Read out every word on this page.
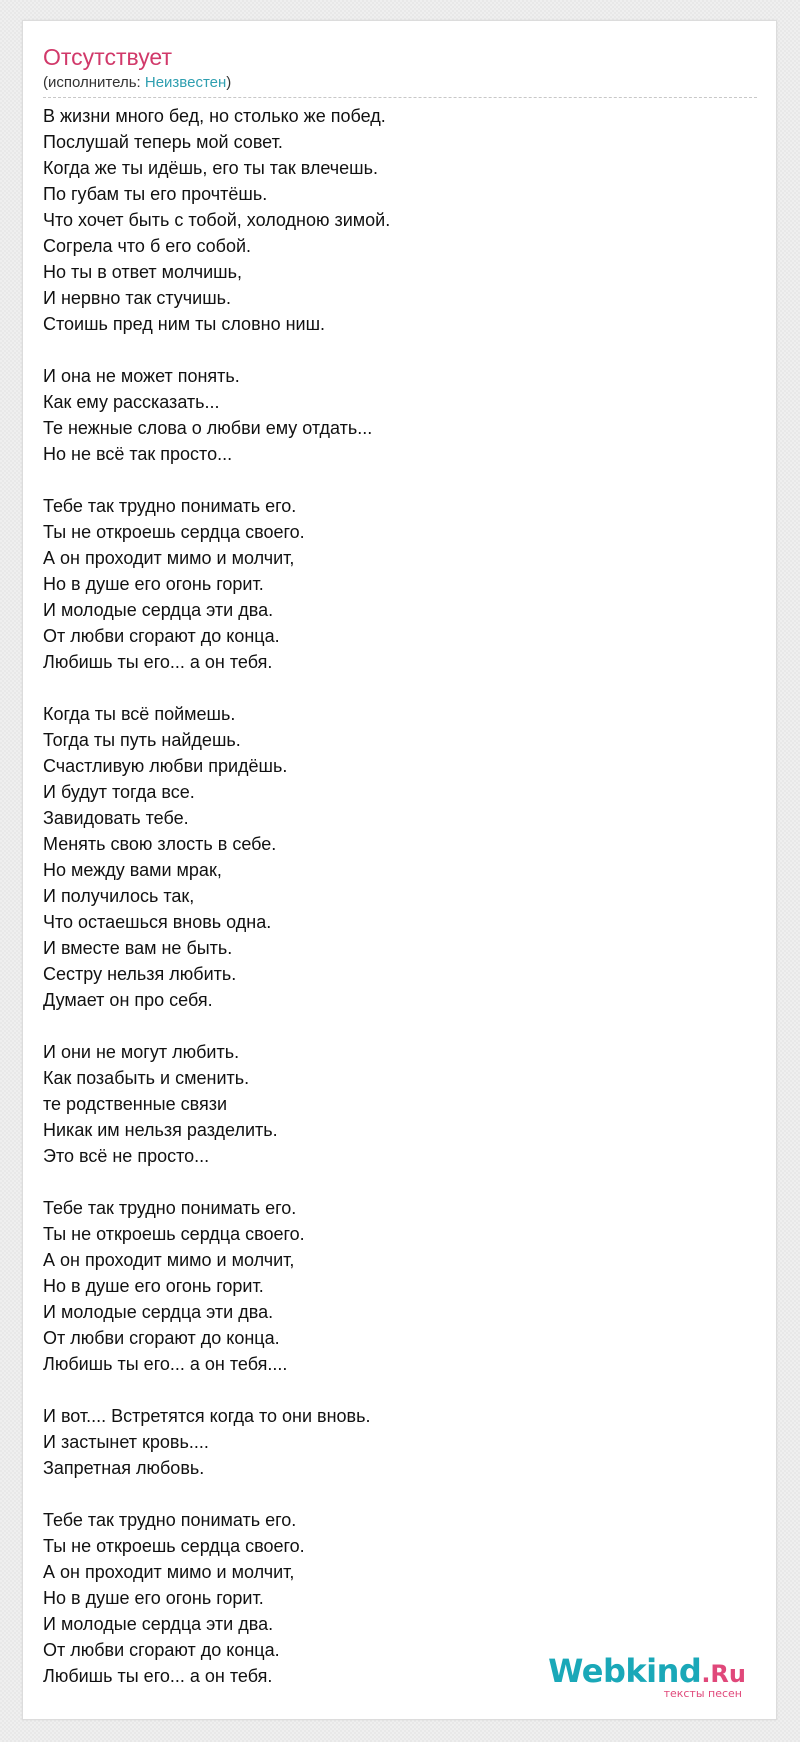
Отсутствует
(исполнитель: Неизвестен)
В жизни много бед, но столько же побед.
Послушай теперь мой совет.
Когда же ты идёшь, его ты так влечешь.
По губам ты его прочтёшь.
Что хочет быть с тобой, холодною зимой.
Согрела что б его собой.
Но ты в ответ молчишь,
И нервно так стучишь.
Стоишь пред ним ты словно ниш.
И она не может понять.
Как ему рассказать...
Те нежные слова о любви ему отдать...
Но не всё так просто...
Тебе так трудно понимать его.
Ты не откроешь сердца своего.
А он проходит мимо и молчит,
Но в душе его огонь горит.
И молодые сердца эти два.
От любви сгорают до конца.
Любишь ты его... а он тебя.
Когда ты всё поймешь.
Тогда ты путь найдешь.
Счастливую любви придёшь.
И будут тогда все.
Завидовать тебе.
Менять свою злость в себе.
Но между вами мрак,
И получилось так,
Что остаешься вновь одна.
И вместе вам не быть.
Сестру нельзя любить.
Думает он про себя.
И они не могут любить.
Как позабыть и сменить.
те родственные связи
Никак им нельзя разделить.
Это всё не просто...
Тебе так трудно понимать его.
Ты не откроешь сердца своего.
А он проходит мимо и молчит,
Но в душе его огонь горит.
И молодые сердца эти два.
От любви сгорают до конца.
Любишь ты его... а он тебя....
И вот.... Встретятся когда то они вновь.
И застынет кровь....
Запретная любовь.
Тебе так трудно понимать его.
Ты не откроешь сердца своего.
А он проходит мимо и молчит,
Но в душе его огонь горит.
И молодые сердца эти два.
От любви сгорают до конца.
Любишь ты его... а он тебя.	Webkind.Ru
тексты песен
